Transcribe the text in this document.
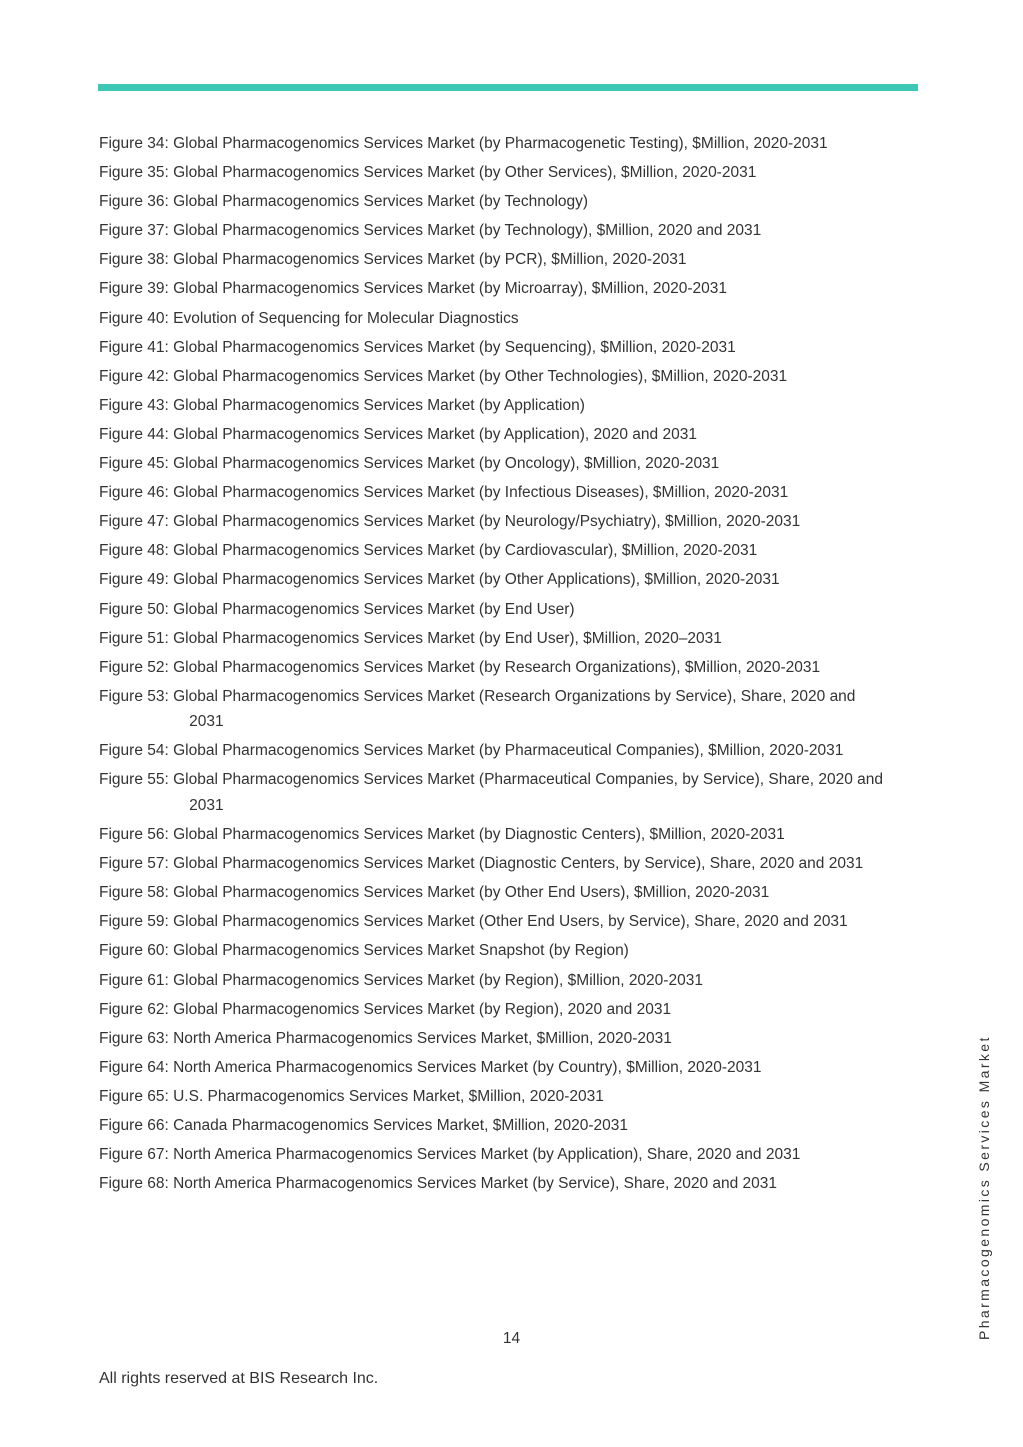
Figure 34: Global Pharmacogenomics Services Market (by Pharmacogenetic Testing), $Million, 2020-2031
Figure 35: Global Pharmacogenomics Services Market (by Other Services), $Million, 2020-2031
Figure 36: Global Pharmacogenomics Services Market (by Technology)
Figure 37: Global Pharmacogenomics Services Market (by Technology), $Million, 2020 and 2031
Figure 38: Global Pharmacogenomics Services Market (by PCR), $Million, 2020-2031
Figure 39: Global Pharmacogenomics Services Market (by Microarray), $Million, 2020-2031
Figure 40: Evolution of Sequencing for Molecular Diagnostics
Figure 41: Global Pharmacogenomics Services Market (by Sequencing), $Million, 2020-2031
Figure 42: Global Pharmacogenomics Services Market (by Other Technologies), $Million, 2020-2031
Figure 43: Global Pharmacogenomics Services Market (by Application)
Figure 44: Global Pharmacogenomics Services Market (by Application), 2020 and 2031
Figure 45: Global Pharmacogenomics Services Market (by Oncology), $Million, 2020-2031
Figure 46: Global Pharmacogenomics Services Market (by Infectious Diseases), $Million, 2020-2031
Figure 47: Global Pharmacogenomics Services Market (by Neurology/Psychiatry), $Million, 2020-2031
Figure 48: Global Pharmacogenomics Services Market (by Cardiovascular), $Million, 2020-2031
Figure 49: Global Pharmacogenomics Services Market (by Other Applications), $Million, 2020-2031
Figure 50: Global Pharmacogenomics Services Market (by End User)
Figure 51: Global Pharmacogenomics Services Market (by End User), $Million, 2020–2031
Figure 52: Global Pharmacogenomics Services Market (by Research Organizations), $Million, 2020-2031
Figure 53: Global Pharmacogenomics Services Market (Research Organizations by Service), Share, 2020 and 2031
Figure 54: Global Pharmacogenomics Services Market (by Pharmaceutical Companies), $Million, 2020-2031
Figure 55: Global Pharmacogenomics Services Market (Pharmaceutical Companies, by Service), Share, 2020 and 2031
Figure 56: Global Pharmacogenomics Services Market (by Diagnostic Centers), $Million, 2020-2031
Figure 57: Global Pharmacogenomics Services Market (Diagnostic Centers, by Service), Share, 2020 and 2031
Figure 58: Global Pharmacogenomics Services Market (by Other End Users), $Million, 2020-2031
Figure 59: Global Pharmacogenomics Services Market (Other End Users, by Service), Share, 2020 and 2031
Figure 60: Global Pharmacogenomics Services Market Snapshot (by Region)
Figure 61: Global Pharmacogenomics Services Market (by Region), $Million, 2020-2031
Figure 62: Global Pharmacogenomics Services Market (by Region), 2020 and 2031
Figure 63: North America Pharmacogenomics Services Market, $Million, 2020-2031
Figure 64: North America Pharmacogenomics Services Market (by Country), $Million, 2020-2031
Figure 65: U.S. Pharmacogenomics Services Market, $Million, 2020-2031
Figure 66: Canada Pharmacogenomics Services Market, $Million, 2020-2031
Figure 67: North America Pharmacogenomics Services Market (by Application), Share, 2020 and 2031
Figure 68: North America Pharmacogenomics Services Market (by Service), Share, 2020 and 2031
14
All rights reserved at BIS Research Inc.
Pharmacogenomics Services Market
